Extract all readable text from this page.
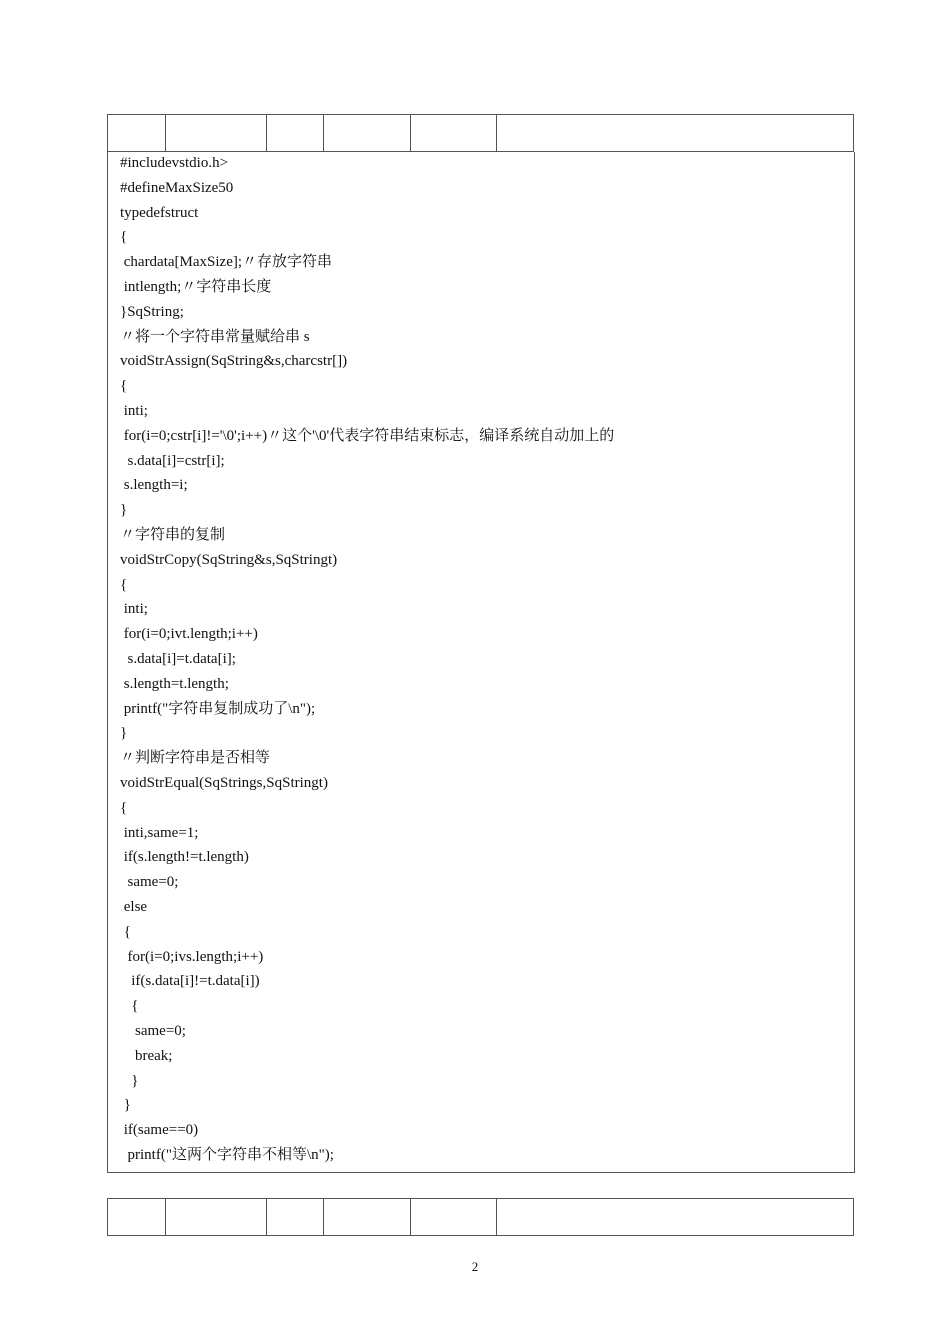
#includevstdio.h>
#defineMaxSize50
typedefstruct
{
chardata[MaxSize];〃存放字符串
intlength;〃字符串长度
}SqString;
〃将一个字符串常量赋给串 s
voidStrAssign(SqString&s,charcstr[])
{
inti;
for(i=0;cstr[i]!='\0';i++)〃这个'\0'代表字符串结束标志，编译系统自动加上的
s.data[i]=cstr[i];
s.length=i;
}
〃字符串的复制
voidStrCopy(SqString&s,SqStringt)
{
inti;
for(i=0;ivt.length;i++)
s.data[i]=t.data[i];
s.length=t.length;
printf("字符串复制成功了\n");
}
〃判断字符串是否相等
voidStrEqual(SqStrings,SqStringt)
{
inti,same=1;
if(s.length!=t.length)
same=0;
else
{
for(i=0;ivs.length;i++)
if(s.data[i]!=t.data[i])
{
same=0;
break;
}
}
if(same==0)
printf("这两个字符串不相等\n");

2
